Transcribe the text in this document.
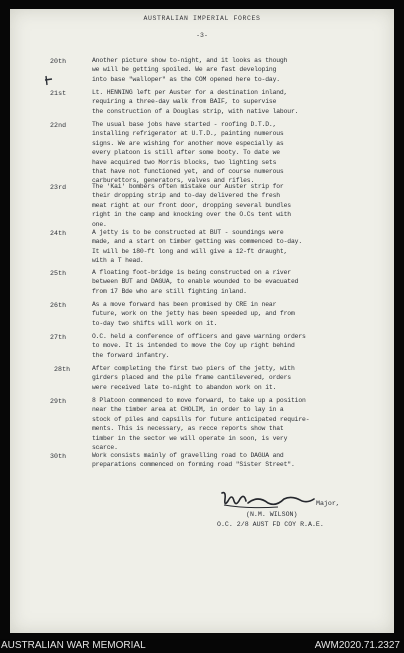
AUSTRALIAN IMPERIAL FORCES
-3-
20th	Another picture show to-night, and it looks as though
we will be getting spoiled. We are fast developing
into base "walloper" as the COM opened here to-day.
21st	Lt. HENNING left per Auster for a destination inland,
requiring a three-day walk from BAIF, to supervise
the construction of a Douglas strip, with native labour.
22nd	The usual base jobs have started - roofing D.T.D.,
installing refrigerator at U.T.D., painting numerous
signs. We are wishing for another move especially as
every platoon is still after some booty. To date we
have acquired two Morris blocks, two lighting sets
that have not functioned yet, and of course numerous
carburettors, generators, valves and rifles.
23rd	The 'Kai' bombers often mistake our Auster strip for
their dropping strip and to-day delivered the fresh
meat right at our front door, dropping several bundles
right in the camp and knocking over the O.Cs tent with
one.
24th	A jetty is to be constructed at BUT - soundings were
made, and a start on timber getting was commenced to-day.
It will be 180-ft long and will give a 12-ft draught,
with a T head.
25th	A floating foot-bridge is being constructed on a river
between BUT and DAGUA, to enable wounded to be evacuated
from 17 Bde who are still fighting inland.
26th	As a move forward has been promised by CRE in near
future, work on the jetty has been speeded up, and from
to-day two shifts will work on it.
27th	O.C. held a conference of officers and gave warning orders
to move. It is intended to move the Coy up right behind
the forward infantry.
28th	After completing the first two piers of the jetty, with
girders placed and the pile frame cantilevered, orders
were received late to-night to abandon work on it.
29th	8 Platoon commenced to move forward, to take up a position
near the timber area at CHOLIM, in order to lay in a
stock of piles and capsills for future anticipated require-
ments. This is necessary, as recce reports show that
timber in the sector we will operate in soon, is very
scarce.
30th	Work consists mainly of gravelling road to DAGUA and
preparations commenced on forming road "Sister Street".
Major,
(N.M. WILSON)
O.C. 2/8 AUST FD COY R.A.E.
AUSTRALIAN WAR MEMORIAL	AWM2020.71.2327
